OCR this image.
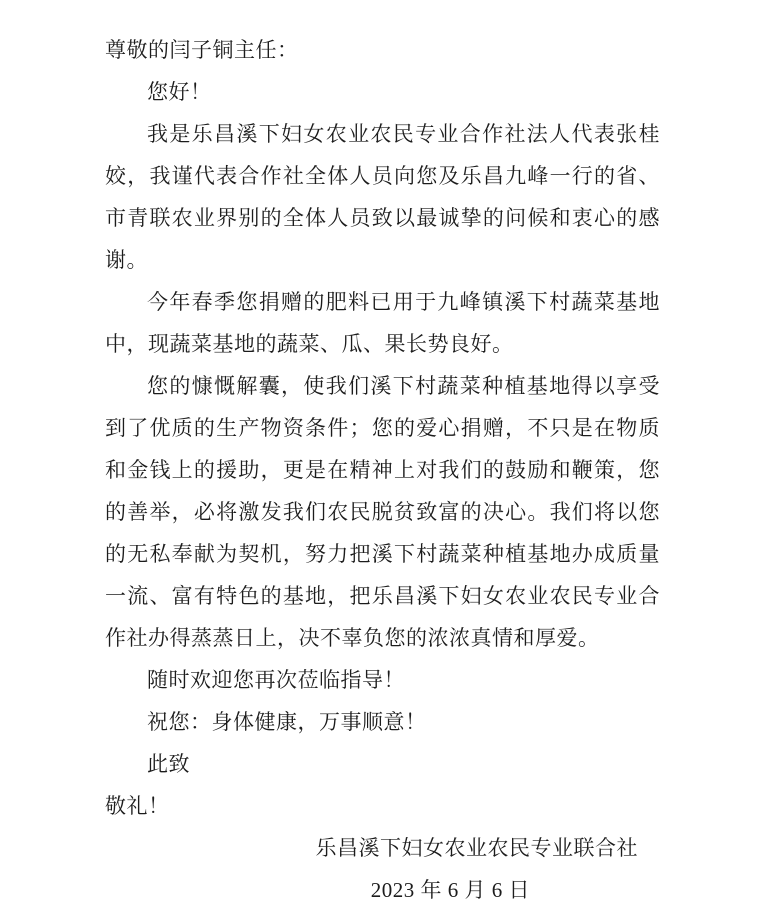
尊敬的闫子铜主任：

您好！

我是乐昌溪下妇女农业农民专业合作社法人代表张桂姣，我谨代表合作社全体人员向您及乐昌九峰一行的省、市青联农业界别的全体人员致以最诚挚的问候和衷心的感谢。

今年春季您捐赠的肥料已用于九峰镇溪下村蔬菜基地中，现蔬菜基地的蔬菜、瓜、果长势良好。

您的慷慨解囊，使我们溪下村蔬菜种植基地得以享受到了优质的生产物资条件；您的爱心捐赠，不只是在物质和金钱上的援助，更是在精神上对我们的鼓励和鞭策，您的善举，必将激发我们农民脱贫致富的决心。我们将以您的无私奉献为契机，努力把溪下村蔬菜种植基地办成质量一流、富有特色的基地，把乐昌溪下妇女农业农民专业合作社办得蒸蒸日上，决不辜负您的浓浓真情和厚爱。

随时欢迎您再次莅临指导！

祝您：身体健康，万事顺意！

此致

敬礼！

乐昌溪下妇女农业农民专业联合社

2023 年 6 月 6 日
